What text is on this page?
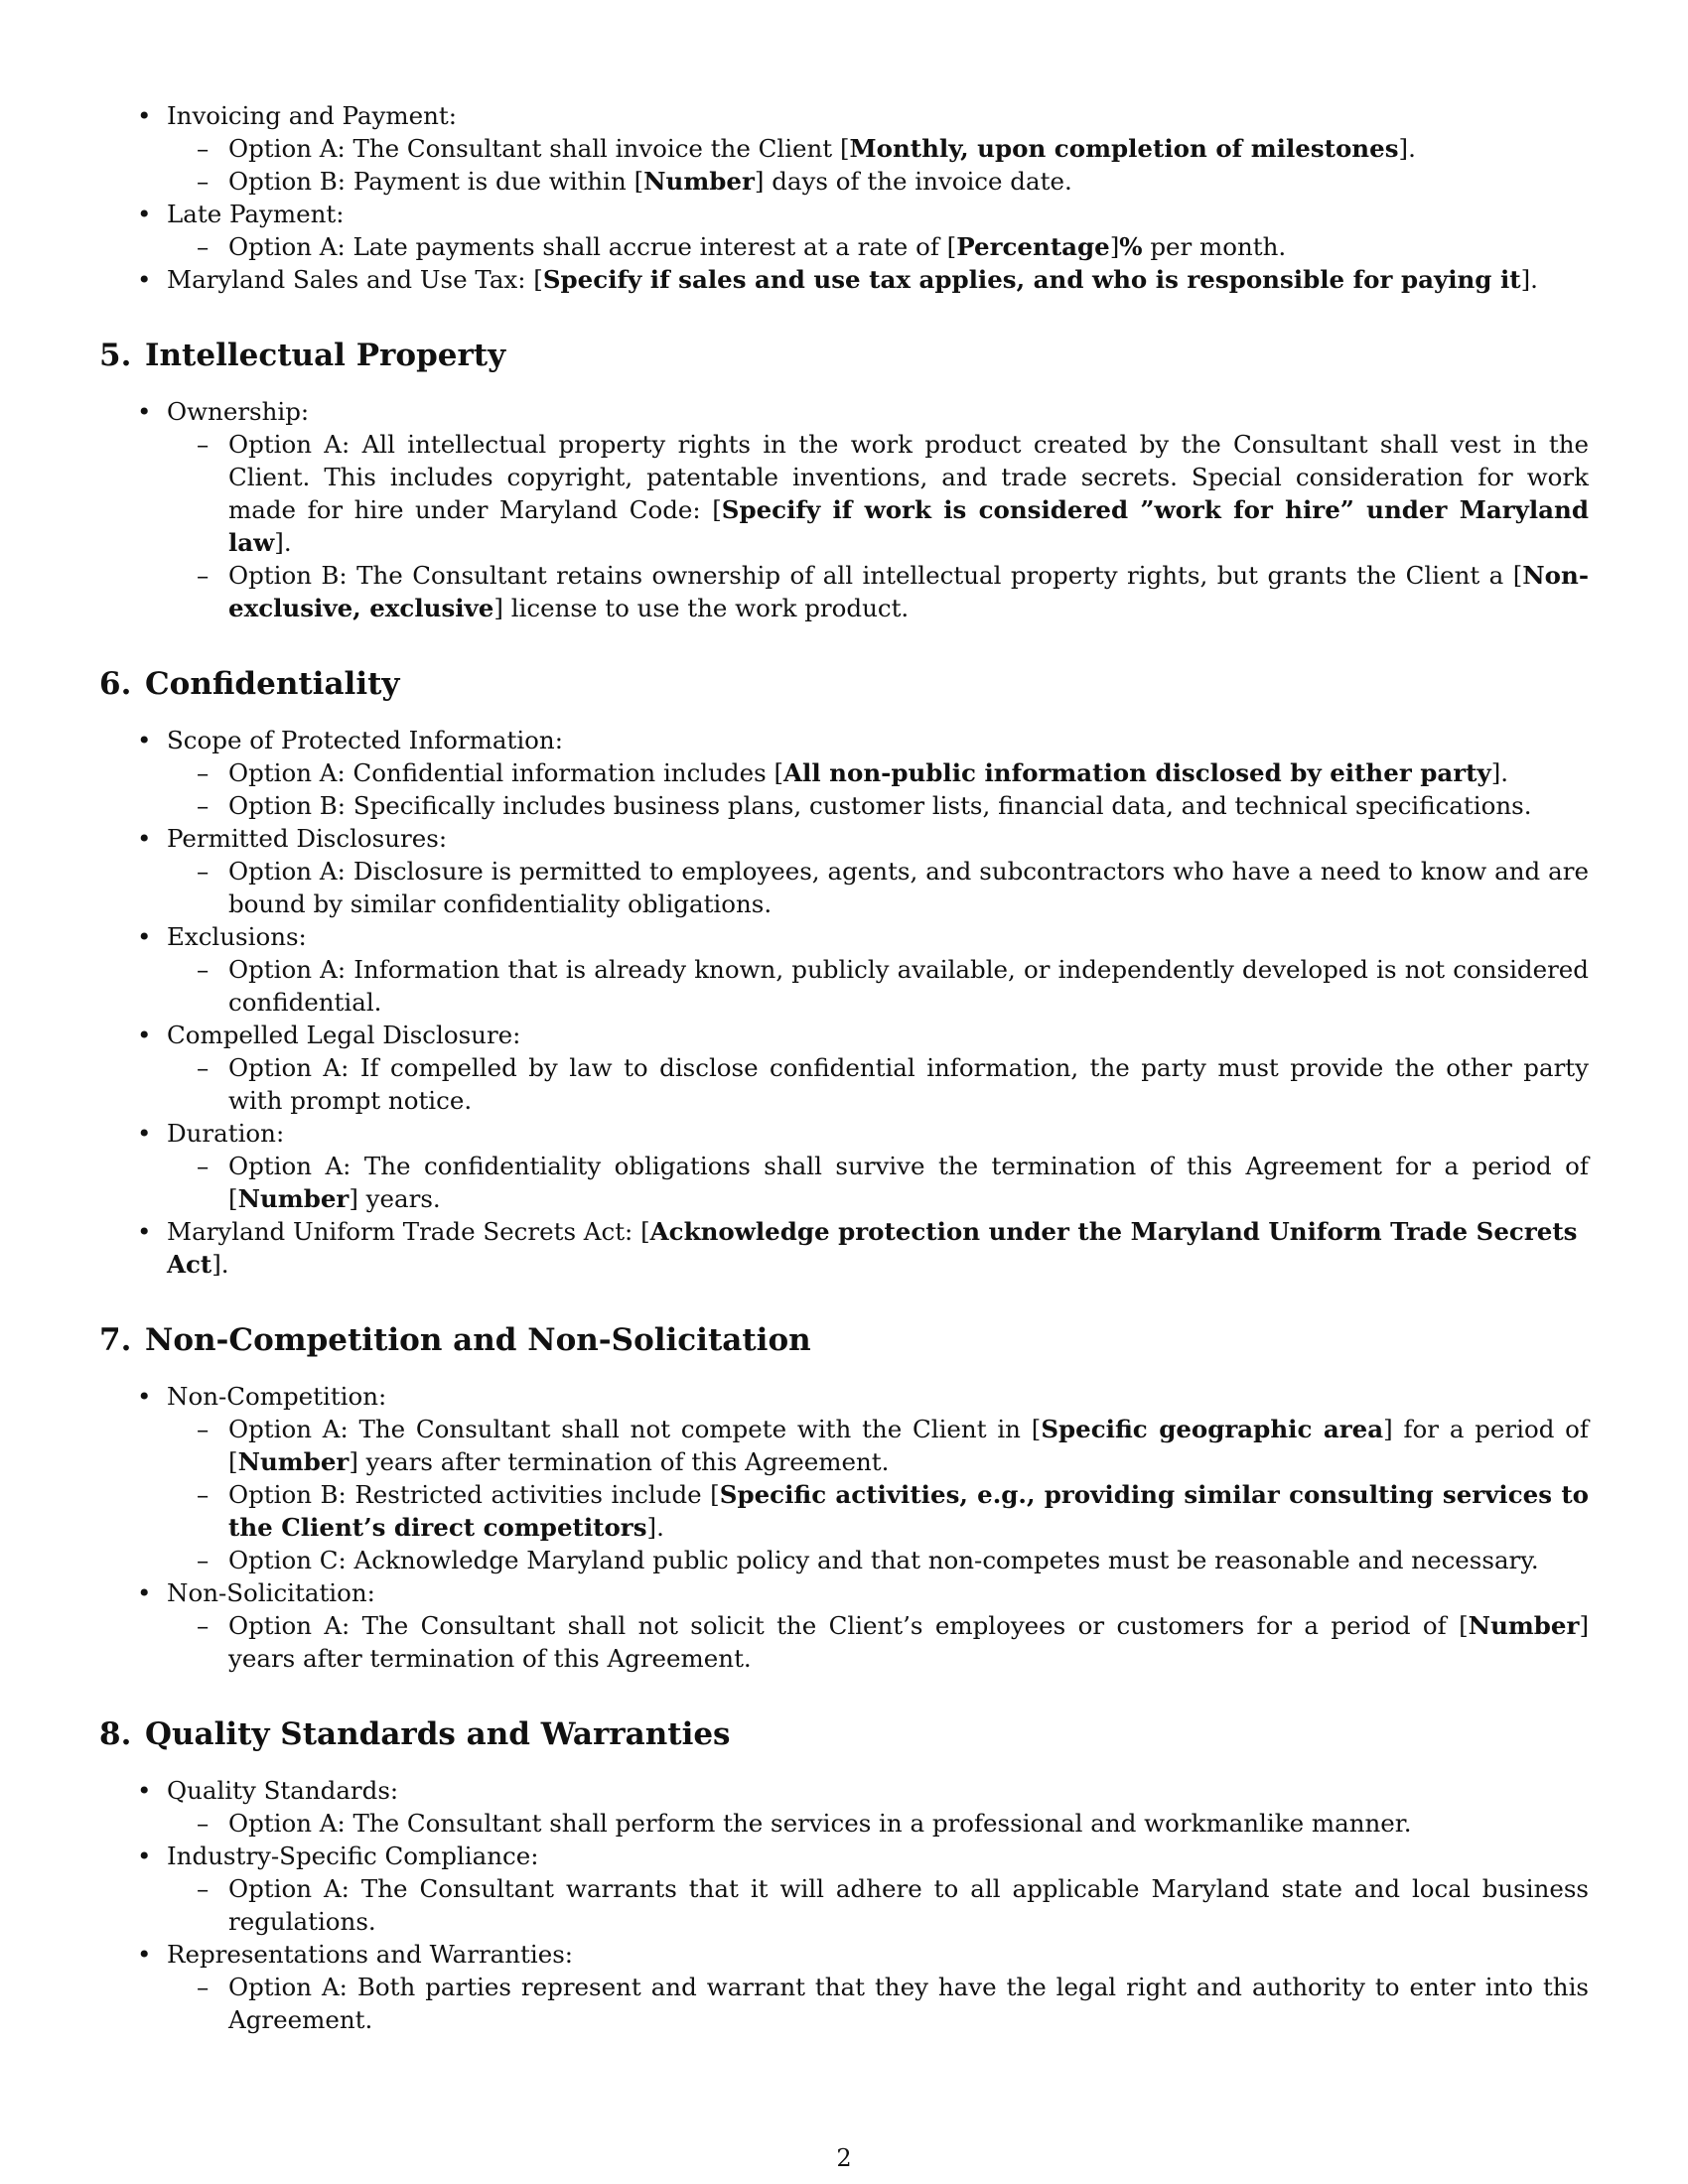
• Invoicing and Payment:
– Option A: The Consultant shall invoice the Client [Monthly, upon completion of milestones].
– Option B: Payment is due within [Number] days of the invoice date.
• Late Payment:
– Option A: Late payments shall accrue interest at a rate of [Percentage]% per month.
• Maryland Sales and Use Tax: [Specify if sales and use tax applies, and who is responsible for paying it].
5. Intellectual Property
• Ownership:
– Option A: All intellectual property rights in the work product created by the Consultant shall vest in the Client. This includes copyright, patentable inventions, and trade secrets. Special consideration for work made for hire under Maryland Code: [Specify if work is considered ”work for hire” under Maryland law].
– Option B: The Consultant retains ownership of all intellectual property rights, but grants the Client a [Non-exclusive, exclusive] license to use the work product.
6. Confidentiality
• Scope of Protected Information:
– Option A: Confidential information includes [All non-public information disclosed by either party].
– Option B: Specifically includes business plans, customer lists, financial data, and technical specifications.
• Permitted Disclosures:
– Option A: Disclosure is permitted to employees, agents, and subcontractors who have a need to know and are bound by similar confidentiality obligations.
• Exclusions:
– Option A: Information that is already known, publicly available, or independently developed is not considered confidential.
• Compelled Legal Disclosure:
– Option A: If compelled by law to disclose confidential information, the party must provide the other party with prompt notice.
• Duration:
– Option A: The confidentiality obligations shall survive the termination of this Agreement for a period of [Number] years.
• Maryland Uniform Trade Secrets Act: [Acknowledge protection under the Maryland Uniform Trade Secrets Act].
7. Non-Competition and Non-Solicitation
• Non-Competition:
– Option A: The Consultant shall not compete with the Client in [Specific geographic area] for a period of [Number] years after termination of this Agreement.
– Option B: Restricted activities include [Specific activities, e.g., providing similar consulting services to the Client’s direct competitors].
– Option C: Acknowledge Maryland public policy and that non-competes must be reasonable and necessary.
• Non-Solicitation:
– Option A: The Consultant shall not solicit the Client’s employees or customers for a period of [Number] years after termination of this Agreement.
8. Quality Standards and Warranties
• Quality Standards:
– Option A: The Consultant shall perform the services in a professional and workmanlike manner.
• Industry-Specific Compliance:
– Option A: The Consultant warrants that it will adhere to all applicable Maryland state and local business regulations.
• Representations and Warranties:
– Option A: Both parties represent and warrant that they have the legal right and authority to enter into this Agreement.
2
